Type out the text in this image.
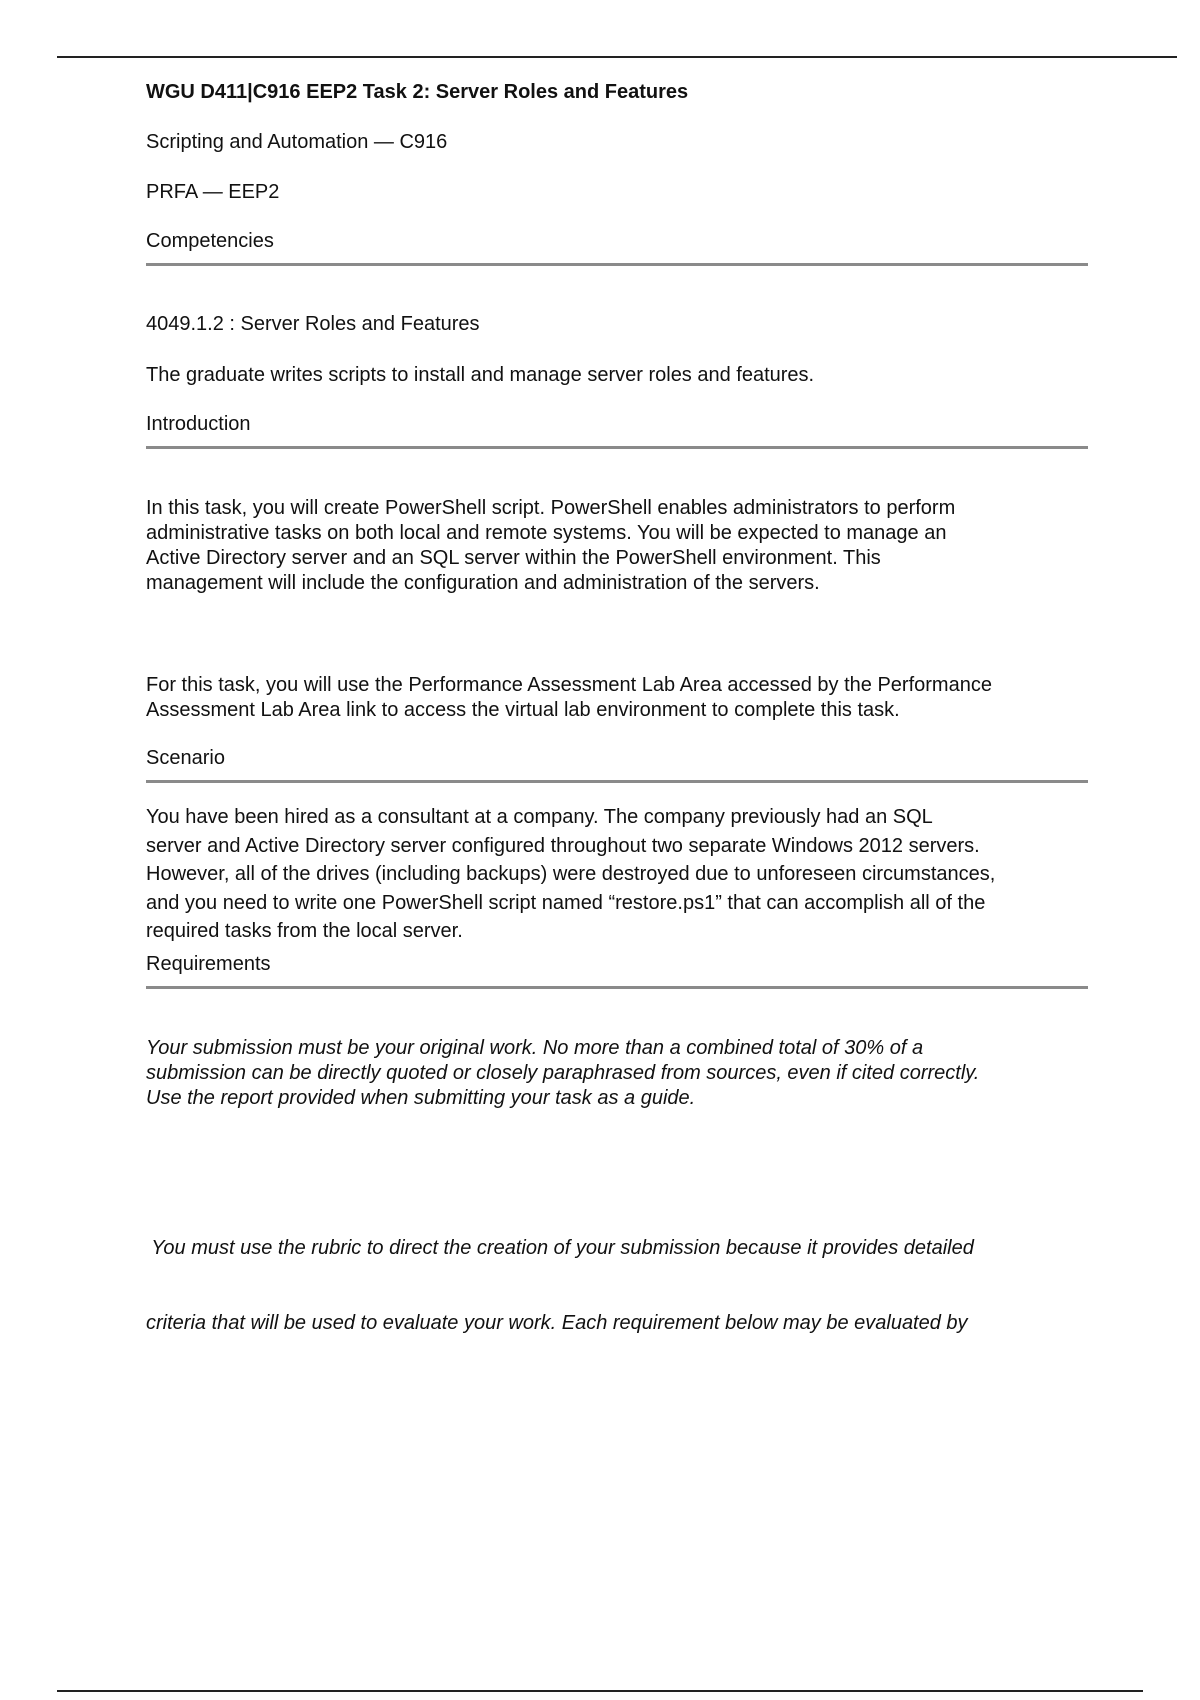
WGU D411|C916 EEP2 Task 2: Server Roles and Features

Scripting and Automation — C916

PRFA — EEP2

Competencies

4049.1.2 : Server Roles and Features

The graduate writes scripts to install and manage server roles and features.

Introduction
In this task, you will create PowerShell script. PowerShell enables administrators to perform
administrative tasks on both local and remote systems. You will be expected to manage an
Active Directory server and an SQL server within the PowerShell environment. This
management will include the configuration and administration of the servers.
For this task, you will use the Performance Assessment Lab Area accessed by the Performance
Assessment Lab Area link to access the virtual lab environment to complete this task.
Scenario
You have been hired as a consultant at a company. The company previously had an SQL
server and Active Directory server configured throughout two separate Windows 2012 servers.
However, all of the drives (including backups) were destroyed due to unforeseen circumstances,
and you need to write one PowerShell script named “restore.ps1” that can accomplish all of the
required tasks from the local server.
Requirements
Your submission must be your original work. No more than a combined total of 30% of a
submission can be directly quoted or closely paraphrased from sources, even if cited correctly.
Use the report provided when submitting your task as a guide.

You must use the rubric to direct the creation of your submission because it provides detailed

criteria that will be used to evaluate your work. Each requirement below may be evaluated by
